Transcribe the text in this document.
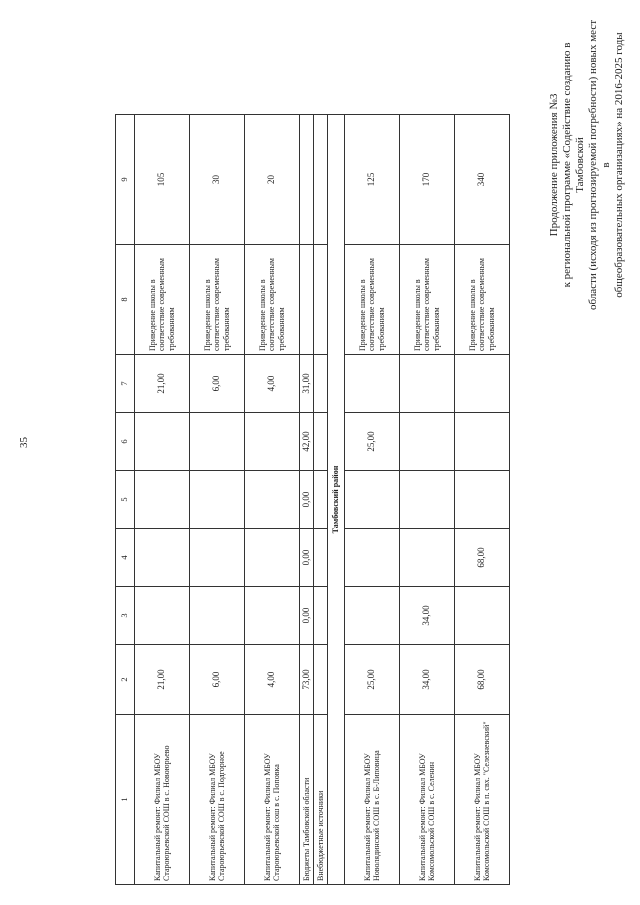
35
Продолжение приложения №3 к региональной программе «Содействие созданию в Тамбовской области (исходя из прогнозируемой потребности) новых мест в общеобразовательных организациях» на 2016-2025 годы
1	2	3	4	5	6	7	8	9
Капитальный ремонт: Филиал МБОУ Староюрьевской СОШ в с. Новоюрьево	21,00					21,00	Приведение школы в соответствие современным требованиям	105
Капитальный ремонт: Филиал МБОУ Староюрьевской СОШ в с. Подгорное	6,00					6,00	Приведение школы в соответствие современным требованиям	30
Капитальный ремонт: Филиал МБОУ Староюрьевской сош в с. Поповка	4,00					4,00	Приведение школы в соответствие современным требованиям	20
Бюджеты Тамбовской области	73,00	0,00	0,00	0,00	42,00	31,00		
Внебюджетные источники								
Тамбовский район								
Капитальный ремонт: Филиал МБОУ Новолядинской СОШ в с. Б-Липовица	25,00				25,00		Приведение школы в соответствие современным требованиям	125
Капитальный ремонт: Филиал МБОУ Комсомольской СОШ в с. Селенин	34,00	34,00					Приведение школы в соответствие современным требованиям	170
Капитальный ремонт: Филиал МБОУ Комсомольской СОШ в п. свх. "Селезневский"	68,00		68,00				Приведение школы в соответствие современным требованиям	340
